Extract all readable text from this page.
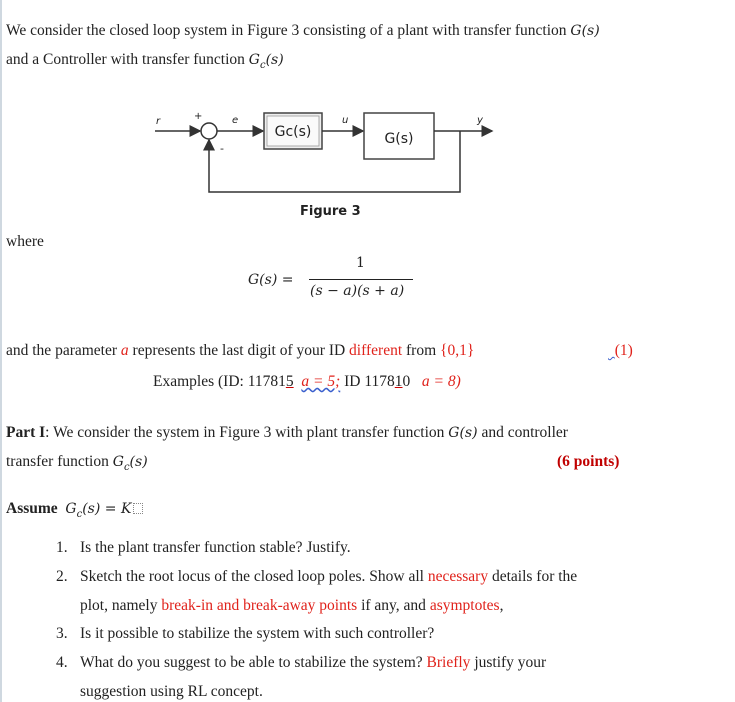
We consider the closed loop system in Figure 3 consisting of a plant with transfer function G(s)
and a Controller with transfer function $G_c(s)$
Gc(s)	G(s)
r	+	e
-
u	y
Figure 3
where
G(s) =
1
(s − a)(s + a)
and the parameter a represents the last digit of your ID different from {0,1}	(1)
Examples (ID: 117815 a = 5; ID 117810 a = 8)
Part I: We consider the system in Figure 3 with plant transfer function G(s) and controller
transfer function $G_c(s)$	(6 points)
Assume $G_c(s) = K$
1. Is the plant transfer function stable? Justify.
2. Sketch the root locus of the closed loop poles. Show all necessary details for the
plot, namely break-in and break-away points if any, and asymptotes,
3. Is it possible to stabilize the system with such controller?
4. What do you suggest to be able to stabilize the system? Briefly justify your
suggestion using RL concept.
